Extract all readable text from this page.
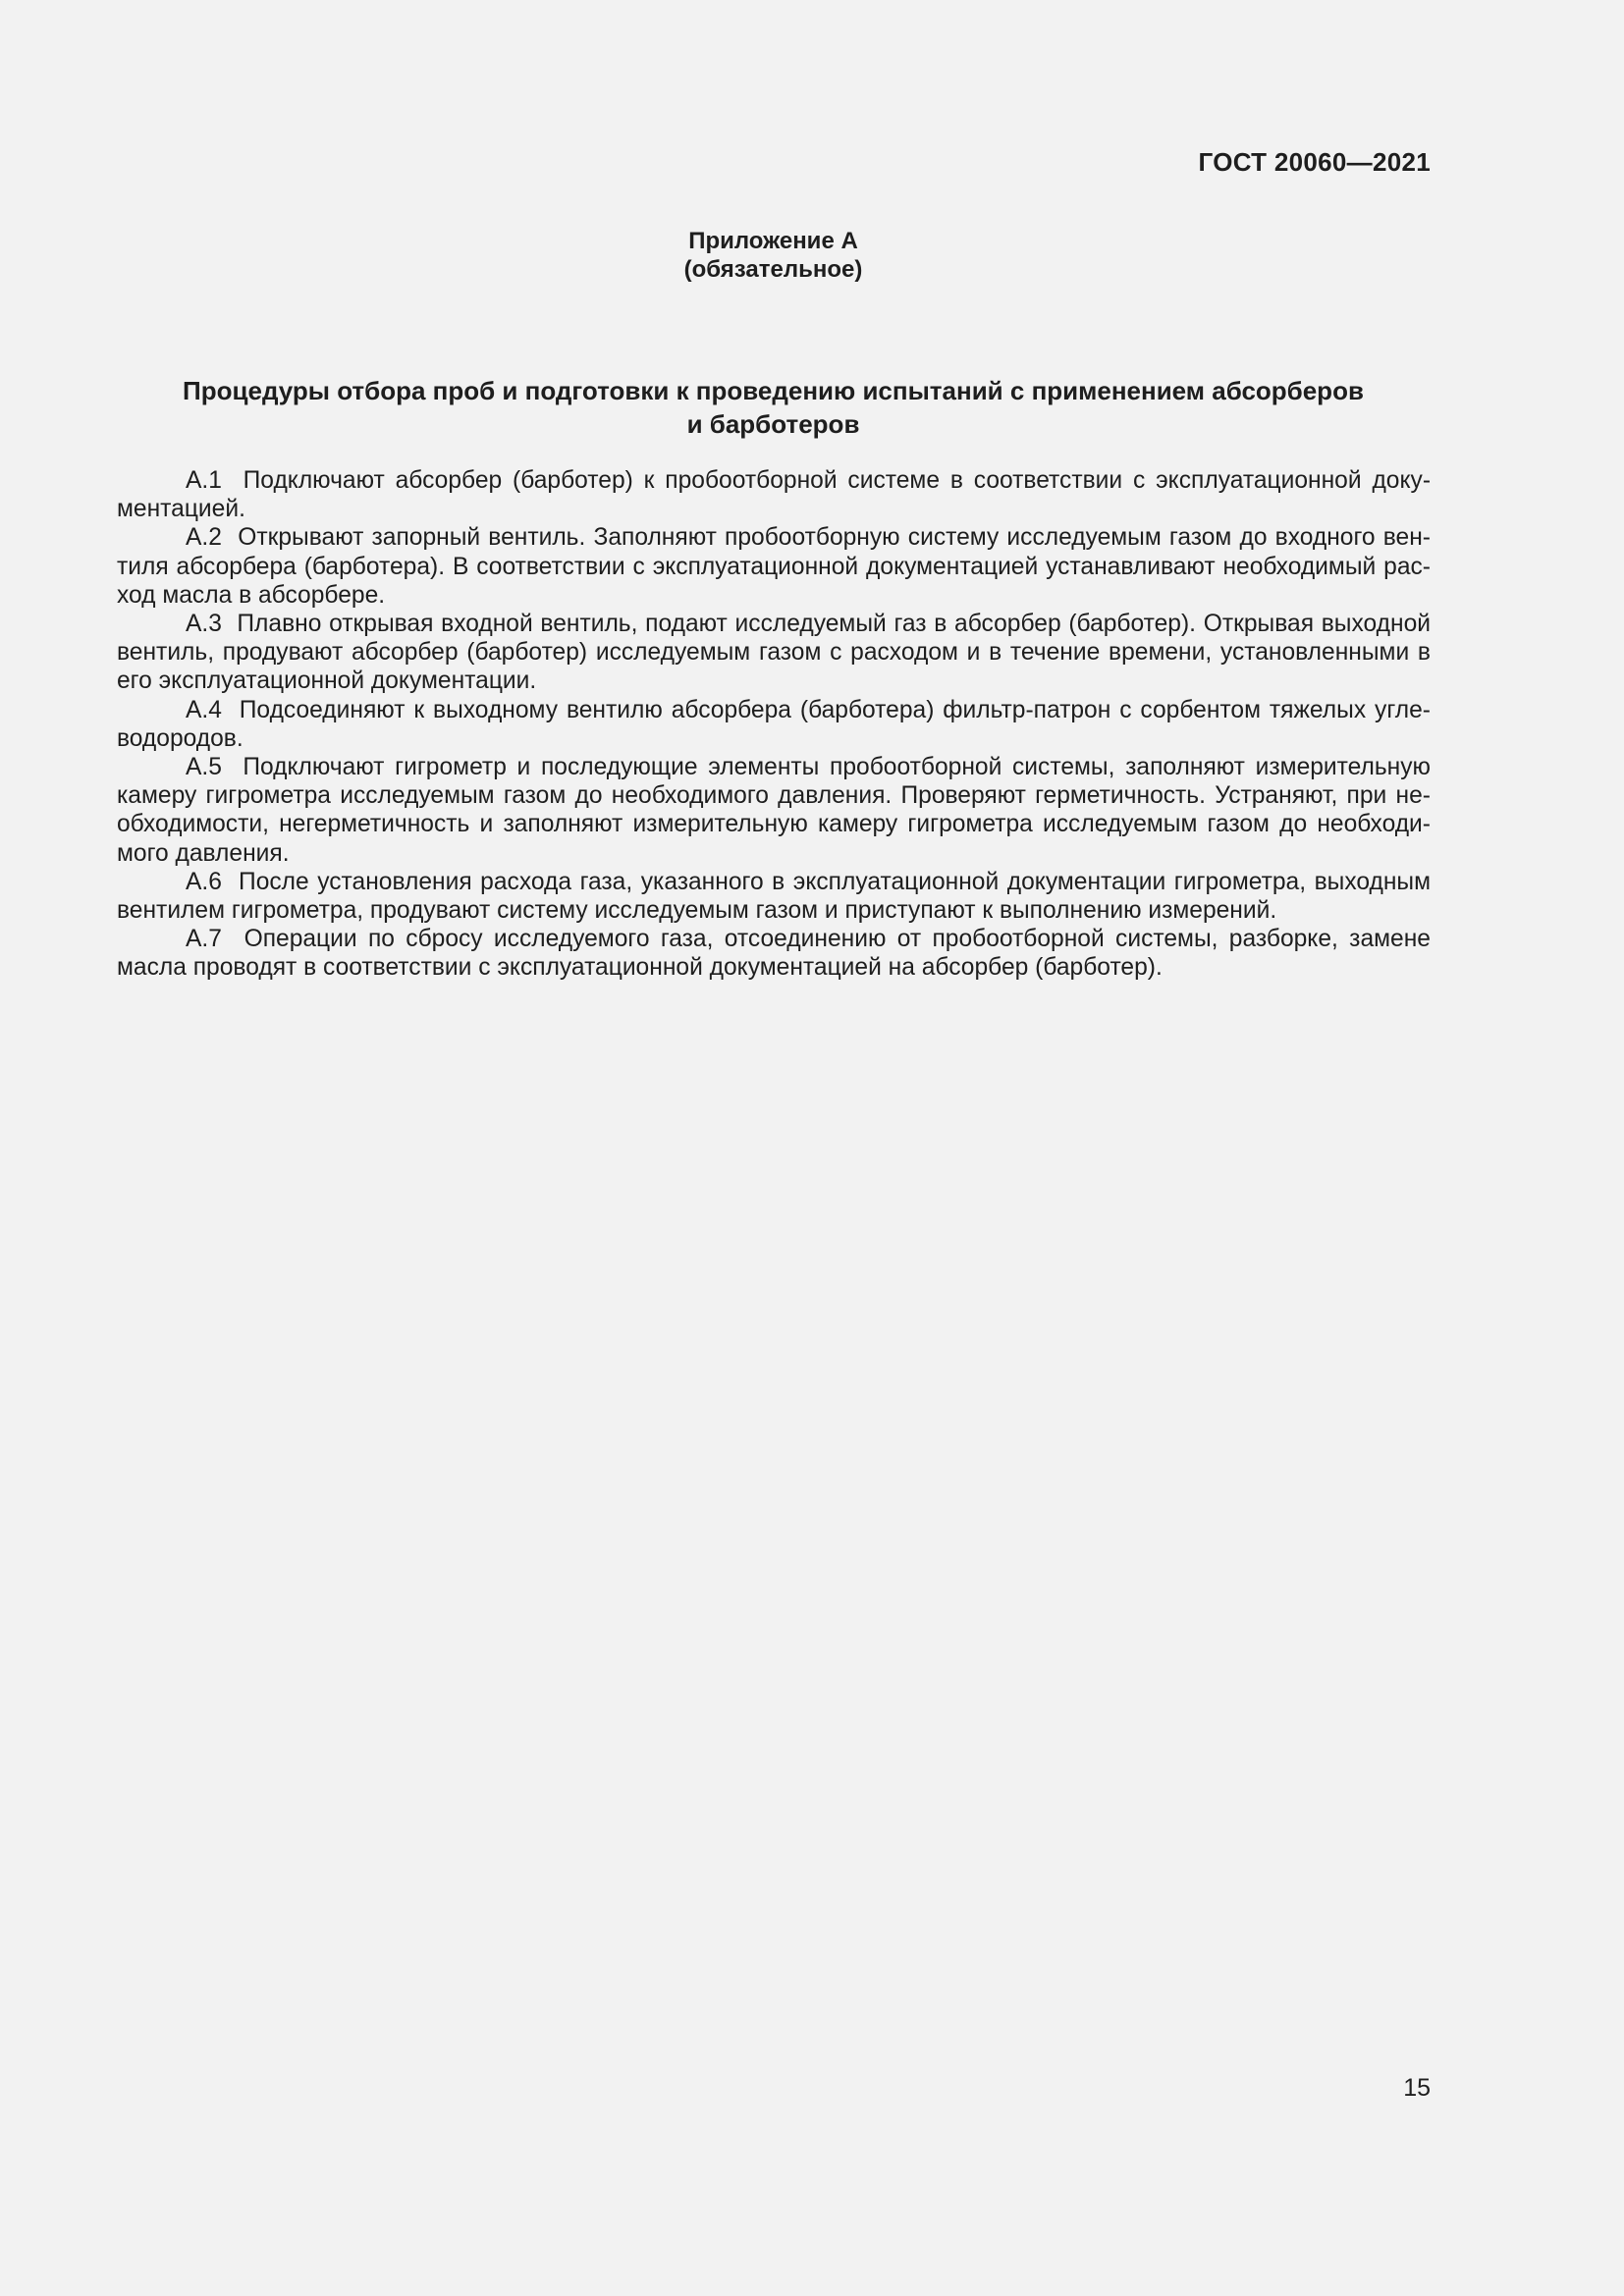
ГОСТ 20060—2021
Приложение А
(обязательное)
Процедуры отбора проб и подготовки к проведению испытаний с применением абсорберов
и барботеров

А.1 Подключают абсорбер (барботер) к пробоотборной системе в соответствии с эксплуатационной документацией.

А.2 Открывают запорный вентиль. Заполняют пробоотборную систему исследуемым газом до входного вентиля абсорбера (барботера). В соответствии с эксплуатационной документацией устанавливают необходимый расход масла в абсорбере.

А.3 Плавно открывая входной вентиль, подают исследуемый газ в абсорбер (барботер). Открывая выходной вентиль, продувают абсорбер (барботер) исследуемым газом с расходом и в течение времени, установленными в его эксплуатационной документации.

А.4 Подсоединяют к выходному вентилю абсорбера (барботера) фильтр-патрон с сорбентом тяжелых углеводородов.

А.5 Подключают гигрометр и последующие элементы пробоотборной системы, заполняют измерительную камеру гигрометра исследуемым газом до необходимого давления. Проверяют герметичность. Устраняют, при необходимости, негерметичность и заполняют измерительную камеру гигрометра исследуемым газом до необходимого давления.

А.6 После установления расхода газа, указанного в эксплуатационной документации гигрометра, выходным вентилем гигрометра, продувают систему исследуемым газом и приступают к выполнению измерений.

А.7 Операции по сбросу исследуемого газа, отсоединению от пробоотборной системы, разборке, замене масла проводят в соответствии с эксплуатационной документацией на абсорбер (барботер).

15
